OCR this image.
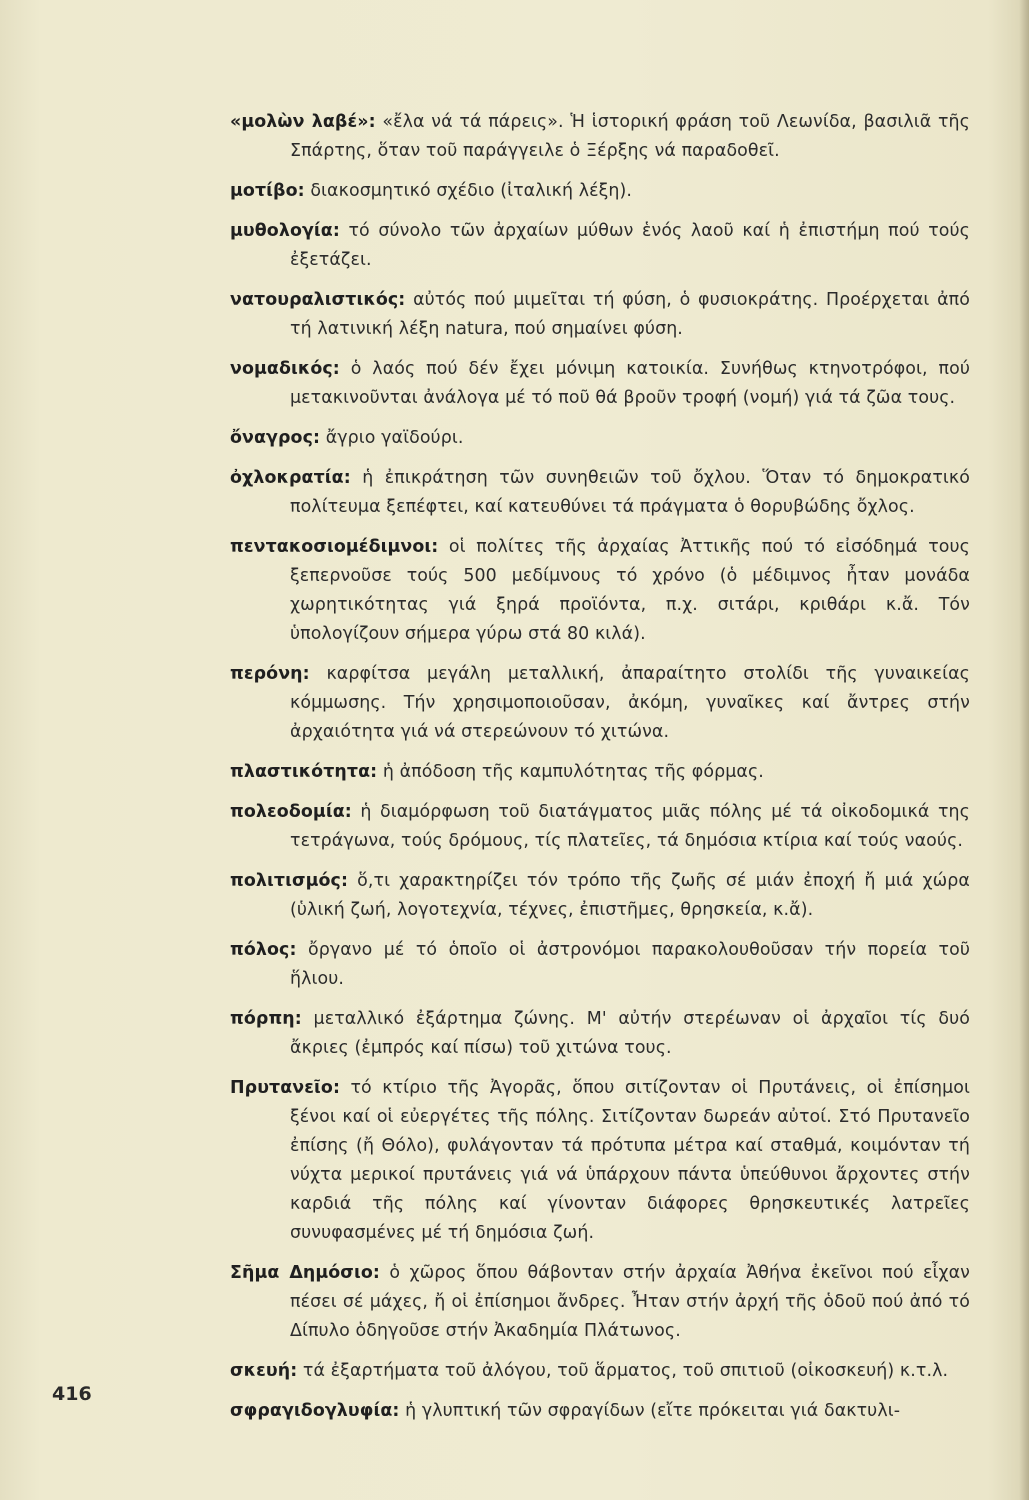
«μολὼν λαβέ»: «ἔλα νά τά πάρεις». Ἡ ἱστορική φράση τοῦ Λεωνίδα, βασιλιᾶ τῆς Σπάρτης, ὅταν τοῦ παράγγειλε ὁ Ξέρξης νά παραδοθεῖ.

μοτίβο: διακοσμητικό σχέδιο (ἰταλική λέξη).

μυθολογία: τό σύνολο τῶν ἀρχαίων μύθων ἑνός λαοῦ καί ἡ ἐπιστήμη πού τούς ἐξετάζει.

νατουραλιστικός: αὐτός πού μιμεῖται τή φύση, ὁ φυσιοκράτης. Προέρχεται ἀπό τή λατινική λέξη natura, πού σημαίνει φύση.

νομαδικός: ὁ λαός πού δέν ἔχει μόνιμη κατοικία. Συνήθως κτηνοτρόφοι, πού μετακινοῦνται ἀνάλογα μέ τό ποῦ θά βροῦν τροφή (νομή) γιά τά ζῶα τους.

ὄναγρος: ἄγριο γαϊδούρι.

ὀχλοκρατία: ἡ ἐπικράτηση τῶν συνηθειῶν τοῦ ὄχλου. Ὅταν τό δημοκρατικό πολίτευμα ξεπέφτει, καί κατευθύνει τά πράγματα ὁ θορυβώδης ὄχλος.

πεντακοσιομέδιμνοι: οἱ πολίτες τῆς ἀρχαίας Ἀττικῆς πού τό εἰσόδημά τους ξεπερνοῦσε τούς 500 μεδίμνους τό χρόνο (ὁ μέδιμνος ἦταν μονάδα χωρητικότητας γιά ξηρά προϊόντα, π.χ. σιτάρι, κριθάρι κ.ἄ. Τόν ὑπολογίζουν σήμερα γύρω στά 80 κιλά).

περόνη: καρφίτσα μεγάλη μεταλλική, ἀπαραίτητο στολίδι τῆς γυναικείας κόμμωσης. Τήν χρησιμοποιοῦσαν, ἀκόμη, γυναῖκες καί ἄντρες στήν ἀρχαιότητα γιά νά στερεώνουν τό χιτώνα.

πλαστικότητα: ἡ ἀπόδοση τῆς καμπυλότητας τῆς φόρμας.

πολεοδομία: ἡ διαμόρφωση τοῦ διατάγματος μιᾶς πόλης μέ τά οἰκοδομικά της τετράγωνα, τούς δρόμους, τίς πλατεῖες, τά δημόσια κτίρια καί τούς ναούς.

πολιτισμός: ὅ,τι χαρακτηρίζει τόν τρόπο τῆς ζωῆς σέ μιάν ἐποχή ἤ μιά χώρα (ὑλική ζωή, λογοτεχνία, τέχνες, ἐπιστῆμες, θρησκεία, κ.ἄ).

πόλος: ὄργανο μέ τό ὁποῖο οἱ ἀστρονόμοι παρακολουθοῦσαν τήν πορεία τοῦ ἥλιου.

πόρπη: μεταλλικό ἐξάρτημα ζώνης. Μ' αὐτήν στερέωναν οἱ ἀρχαῖοι τίς δυό ἄκριες (ἐμπρός καί πίσω) τοῦ χιτώνα τους.

Πρυτανεῖο: τό κτίριο τῆς Ἀγορᾶς, ὅπου σιτίζονταν οἱ Πρυτάνεις, οἱ ἐπίσημοι ξένοι καί οἱ εὐεργέτες τῆς πόλης. Σιτίζονταν δωρεάν αὐτοί. Στό Πρυτανεῖο ἐπίσης (ἤ Θόλο), φυλάγονταν τά πρότυπα μέτρα καί σταθμά, κοιμόνταν τή νύχτα μερικοί πρυτάνεις γιά νά ὑπάρχουν πάντα ὑπεύθυνοι ἄρχοντες στήν καρδιά τῆς πόλης καί γίνονταν διάφορες θρησκευτικές λατρεῖες συνυφασμένες μέ τή δημόσια ζωή.

Σῆμα Δημόσιο: ὁ χῶρος ὅπου θάβονταν στήν ἀρχαία Ἀθήνα ἐκεῖνοι πού εἶχαν πέσει σέ μάχες, ἤ οἱ ἐπίσημοι ἄνδρες. Ἦταν στήν ἀρχή τῆς ὁδοῦ πού ἀπό τό Δίπυλο ὁδηγοῦσε στήν Ἀκαδημία Πλάτωνος.

σκευή: τά ἐξαρτήματα τοῦ ἀλόγου, τοῦ ἅρματος, τοῦ σπιτιοῦ (οἰκοσκευή) κ.τ.λ.

σφραγιδογλυφία: ἡ γλυπτική τῶν σφραγίδων (εἴτε πρόκειται γιά δακτυλι-

416
